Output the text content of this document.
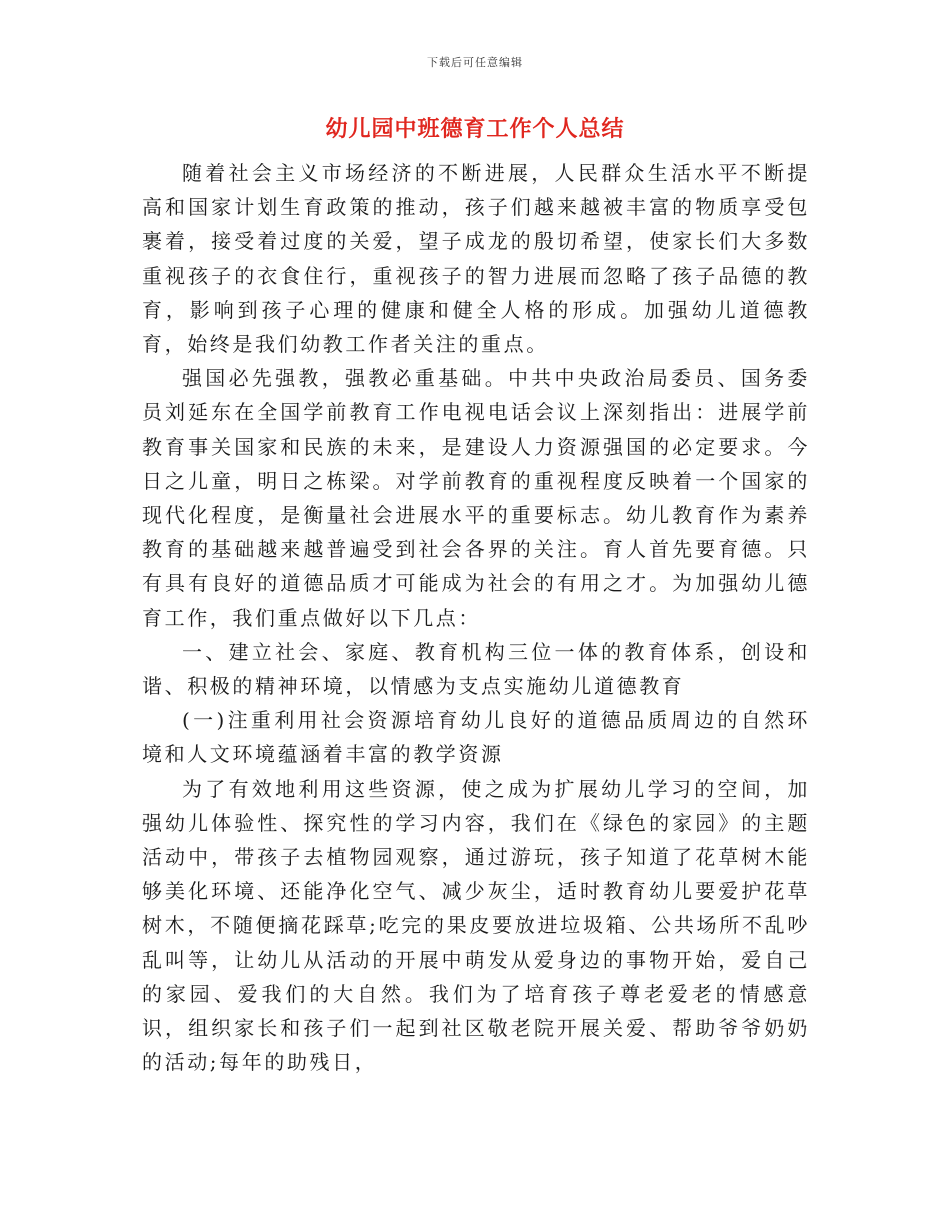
下载后可任意编辑
幼儿园中班德育工作个人总结

随着社会主义市场经济的不断进展，人民群众生活水平不断提高和国家计划生育政策的推动，孩子们越来越被丰富的物质享受包裹着，接受着过度的关爱，望子成龙的殷切希望，使家长们大多数重视孩子的衣食住行，重视孩子的智力进展而忽略了孩子品德的教育，影响到孩子心理的健康和健全人格的形成。加强幼儿道德教育，始终是我们幼教工作者关注的重点。

强国必先强教，强教必重基础。中共中央政治局委员、国务委员刘延东在全国学前教育工作电视电话会议上深刻指出：进展学前教育事关国家和民族的未来，是建设人力资源强国的必定要求。今日之儿童，明日之栋梁。对学前教育的重视程度反映着一个国家的现代化程度，是衡量社会进展水平的重要标志。幼儿教育作为素养教育的基础越来越普遍受到社会各界的关注。育人首先要育德。只有具有良好的道德品质才可能成为社会的有用之才。为加强幼儿德育工作，我们重点做好以下几点：

一、建立社会、家庭、教育机构三位一体的教育体系，创设和谐、积极的精神环境，以情感为支点实施幼儿道德教育

(一)注重利用社会资源培育幼儿良好的道德品质周边的自然环境和人文环境蕴涵着丰富的教学资源

为了有效地利用这些资源，使之成为扩展幼儿学习的空间，加强幼儿体验性、探究性的学习内容，我们在《绿色的家园》的主题活动中，带孩子去植物园观察，通过游玩，孩子知道了花草树木能够美化环境、还能净化空气、减少灰尘，适时教育幼儿要爱护花草树木，不随便摘花踩草;吃完的果皮要放进垃圾箱、公共场所不乱吵乱叫等，让幼儿从活动的开展中萌发从爱身边的事物开始，爱自己的家园、爱我们的大自然。我们为了培育孩子尊老爱老的情感意识，组织家长和孩子们一起到社区敬老院开展关爱、帮助爷爷奶奶的活动;每年的助残日，
